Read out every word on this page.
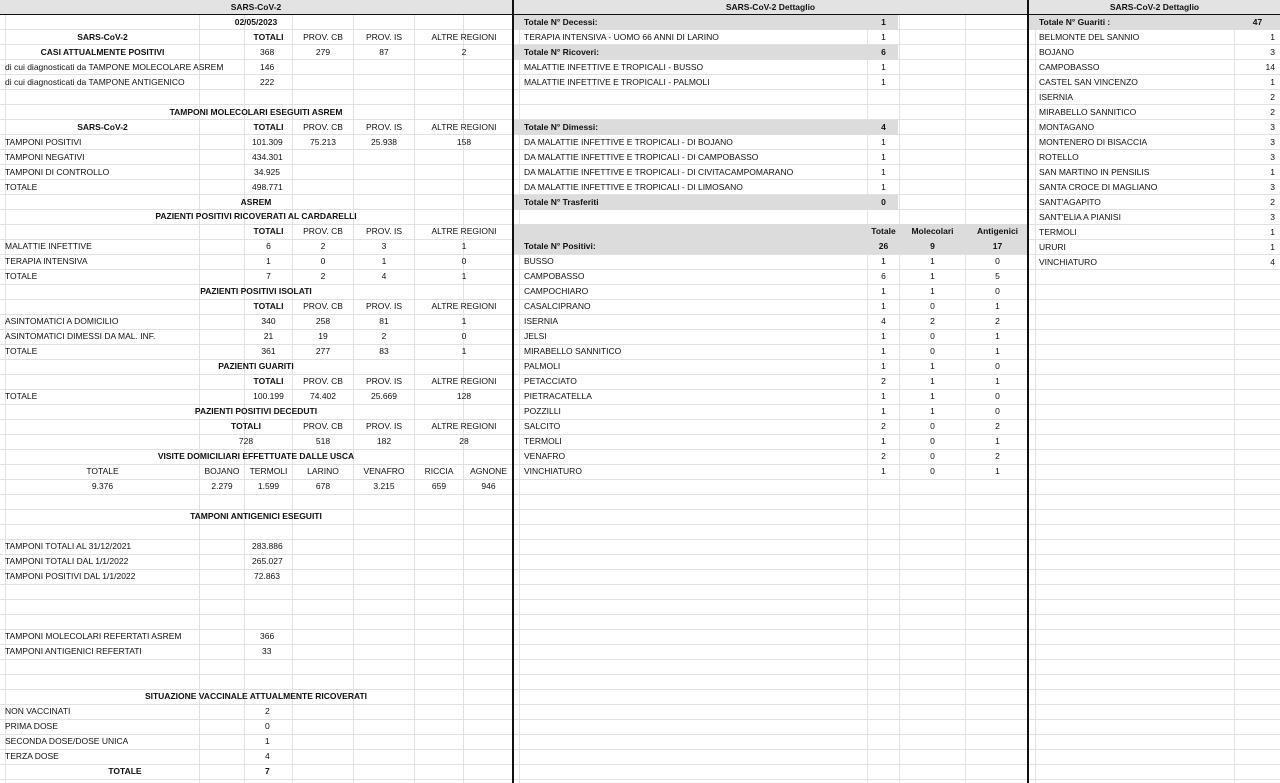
SARS-CoV-2
02/05/2023
SARS-CoV-2	TOTALI	PROV. CB	PROV. IS	ALTRE REGIONI
CASI ATTUALMENTE POSITIVI	368	279	87	2
di cui diagnosticati da TAMPONE MOLECOLARE ASREM	146
di cui diagnosticati da TAMPONE ANTIGENICO	222
TAMPONI MOLECOLARI ESEGUITI ASREM
SARS-CoV-2	TOTALI	PROV. CB	PROV. IS	ALTRE REGIONI
TAMPONI POSITIVI	101.309	75.213	25.938	158
TAMPONI NEGATIVI	434.301
TAMPONI DI CONTROLLO	34.925
TOTALE	498.771
ASREM
PAZIENTI POSITIVI RICOVERATI AL CARDARELLI
TOTALI	PROV. CB	PROV. IS	ALTRE REGIONI
MALATTIE INFETTIVE	6	2	3	1
TERAPIA INTENSIVA	1	0	1	0
TOTALE	7	2	4	1
PAZIENTI POSITIVI ISOLATI
TOTALI	PROV. CB	PROV. IS	ALTRE REGIONI
ASINTOMATICI A DOMICILIO	340	258	81	1
ASINTOMATICI DIMESSI DA MAL. INF.	21	19	2	0
TOTALE	361	277	83	1
PAZIENTI GUARITI
TOTALI	PROV. CB	PROV. IS	ALTRE REGIONI
TOTALE	100.199	74.402	25.669	128
PAZIENTI POSITIVI DECEDUTI
TOTALI	PROV. CB	PROV. IS	ALTRE REGIONI
728	518	182	28
VISITE DOMICILIARI EFFETTUATE DALLE USCA
TOTALE	BOJANO	TERMOLI	LARINO	VENAFRO	RICCIA	AGNONE
9.376	2.279	1.599	678	3.215	659	946
TAMPONI ANTIGENICI ESEGUITI
TAMPONI TOTALI AL 31/12/2021	283.886
TAMPONI TOTALI DAL 1/1/2022	265.027
TAMPONI POSITIVI DAL 1/1/2022	72.863
TAMPONI MOLECOLARI REFERTATI ASREM	366
TAMPONI ANTIGENICI REFERTATI	33
SITUAZIONE VACCINALE ATTUALMENTE RICOVERATI
NON VACCINATI	2
PRIMA DOSE	0
SECONDA DOSE/DOSE UNICA	1
TERZA DOSE	4
TOTALE	7
SARS-CoV-2 Dettaglio
Totale N° Decessi:	1
TERAPIA INTENSIVA - UOMO 66 ANNI DI LARINO	1
Totale N° Ricoveri:	6
MALATTIE INFETTIVE E TROPICALI - BUSSO	1
MALATTIE INFETTIVE E TROPICALI - PALMOLI	1
Totale N° Dimessi:	4
DA MALATTIE INFETTIVE E TROPICALI - DI BOJANO	1
DA MALATTIE INFETTIVE E TROPICALI - DI CAMPOBASSO	1
DA MALATTIE INFETTIVE E TROPICALI - DI CIVITACAMPOMARANO	1
DA MALATTIE INFETTIVE E TROPICALI - DI LIMOSANO	1
Totale N° Trasferiti	0
Totale	Molecolari	Antigenici
Totale N° Positivi:	26	9	17
BUSSO	1	1	0
CAMPOBASSO	6	1	5
CAMPOCHIARO	1	1	0
CASALCIPRANO	1	0	1
ISERNIA	4	2	2
JELSI	1	0	1
MIRABELLO SANNITICO	1	0	1
PALMOLI	1	1	0
PETACCIATO	2	1	1
PIETRACATELLA	1	1	0
POZZILLI	1	1	0
SALCITO	2	0	2
TERMOLI	1	0	1
VENAFRO	2	0	2
VINCHIATURO	1	0	1
SARS-CoV-2 Dettaglio
Totale N° Guariti :	47
BELMONTE DEL SANNIO	1
BOJANO	3
CAMPOBASSO	14
CASTEL SAN VINCENZO	1
ISERNIA	2
MIRABELLO SANNITICO	2
MONTAGANO	3
MONTENERO DI BISACCIA	3
ROTELLO	3
SAN MARTINO IN PENSILIS	1
SANTA CROCE DI MAGLIANO	3
SANT'AGAPITO	2
SANT'ELIA A PIANISI	3
TERMOLI	1
URURI	1
VINCHIATURO	4
